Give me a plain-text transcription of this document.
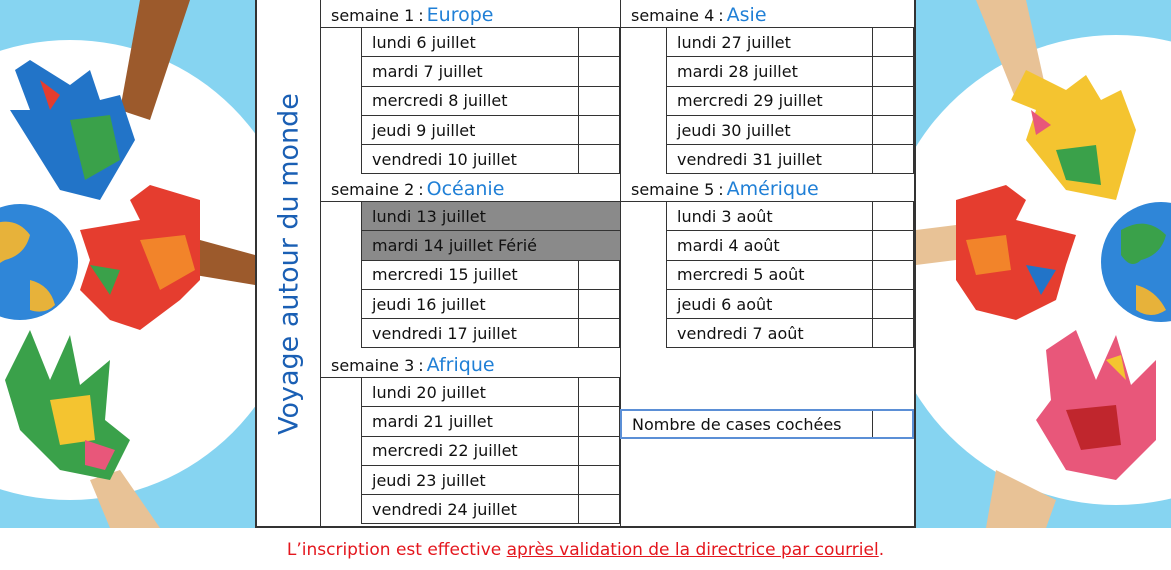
Voyage autour du monde
semaine 1 : Europe
lundi 6 juillet
mardi 7 juillet
mercredi 8 juillet
jeudi 9 juillet
vendredi 10 juillet
semaine 2 : Océanie
lundi 13 juillet
mardi 14 juillet Férié
mercredi 15 juillet
jeudi 16 juillet
vendredi 17 juillet
semaine 3 : Afrique
lundi 20 juillet
mardi 21 juillet
mercredi 22 juillet
jeudi 23 juillet
vendredi 24 juillet
semaine 4 : Asie
lundi 27 juillet
mardi 28 juillet
mercredi 29 juillet
jeudi 30 juillet
vendredi 31 juillet
semaine 5 : Amérique
lundi 3 août
mardi 4 août
mercredi 5 août
jeudi 6 août
vendredi 7 août
Nombre de cases cochées
L’inscription est effective après validation de la directrice par courriel.
